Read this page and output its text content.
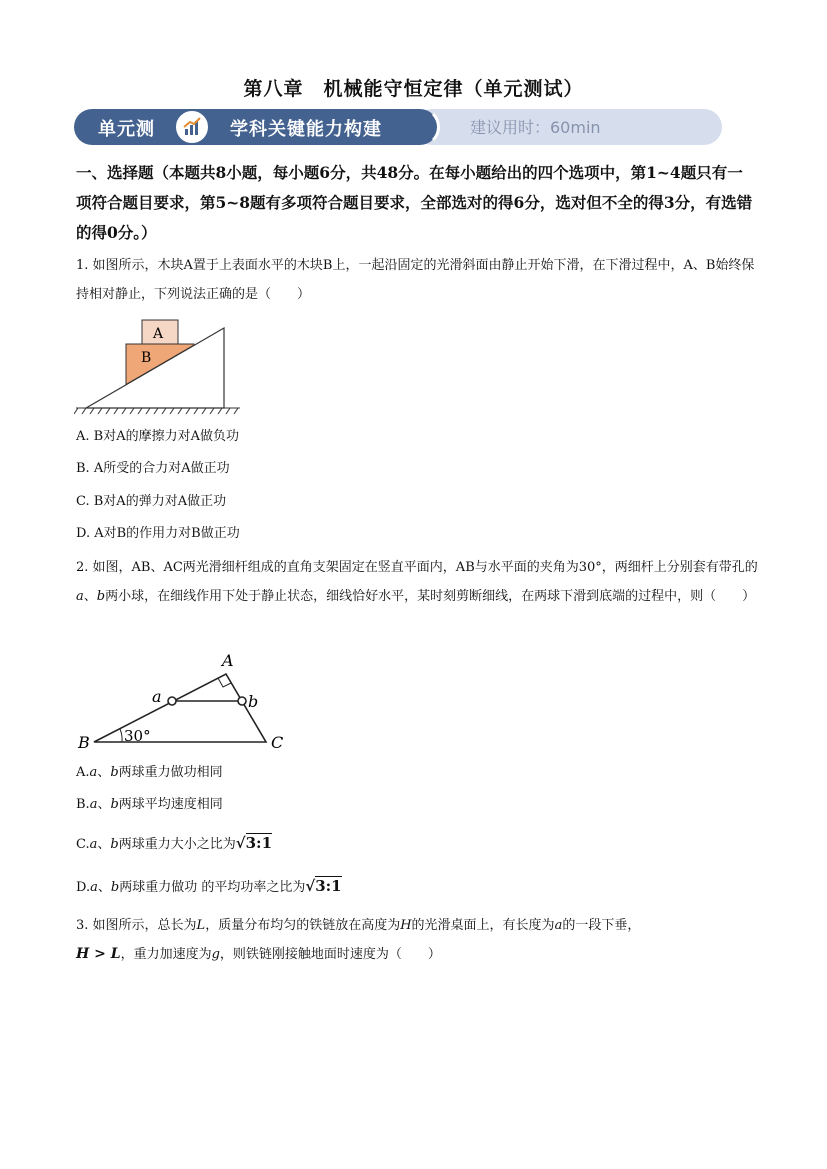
第八章　机械能守恒定律（单元测试）
单元测	学科关键能力构建	建议用时：60min
一、选择题（本题共8小题，每小题6分，共48分。在每小题给出的四个选项中，第1~4题只有一项符合题目要求，第5~8题有多项符合题目要求，全部选对的得6分，选对但不全的得3分，有选错的得0分。）
1. 如图所示，木块A置于上表面水平的木块B上，一起沿固定的光滑斜面由静止开始下滑，在下滑过程中，A、B始终保持相对静止，下列说法正确的是（　　）
A
B
A. B对A的摩擦力对A做负功
B. A所受的合力对A做正功
C. B对A的弹力对A做正功
D. A对B的作用力对B做正功
2. 如图，AB、AC两光滑细杆组成的直角支架固定在竖直平面内，AB与水平面的夹角为30°，两细杆上分别套有带孔的a、b两小球，在细线作用下处于静止状态，细线恰好水平，某时刻剪断细线，在两球下滑到底端的过程中，则（　　）
A
B	C
a	b
30°
A.a、b两球重力做功相同
B.a、b两球平均速度相同
C.a、b两球重力大小之比为√3:1
D.a、b两球重力做功 的平均功率之比为√3:1
3. 如图所示，总长为L，质量分布均匀的铁链放在高度为H的光滑桌面上，有长度为a的一段下垂，
H > L，重力加速度为g，则铁链刚接触地面时速度为（　　）
